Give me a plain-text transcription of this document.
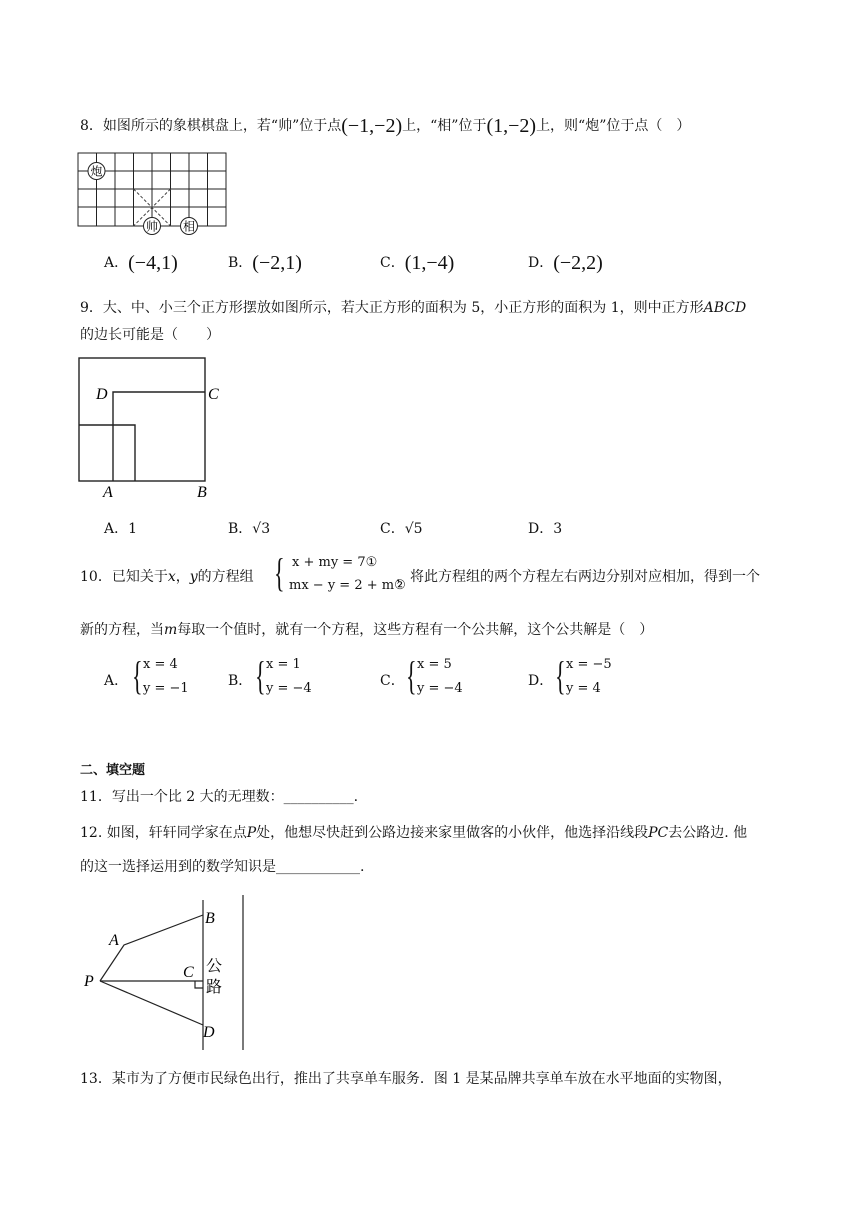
8．如图所示的象棋棋盘上，若“帅”位于点(−1,−2)上，“相”位于(1,−2)上，则“炮”位于点（　）
炮
帅 相
A．(−4,1)	B．(−2,1)	C．(1,−4)	D．(−2,2)
9．大、中、小三个正方形摆放如图所示，若大正方形的面积为 5，小正方形的面积为 1，则中正方形ABCD
的边长可能是（　　）
D	C
A	B
A．1	B．√3	C．√5	D．3
10．已知关于x，y的方程组 { x + my = 7①
mx − y = 2 + m②
，将此方程组的两个方程左右两边分别对应相加，得到一个
新的方程，当m每取一个值时，就有一个方程，这些方程有一个公共解，这个公共解是（　）
A． { x = 4
y = −1	B． { x = 1
y = −4	C． { x = 5
y = −4	D． { x = −5
y = 4
二、填空题
11．写出一个比 2 大的无理数：__________.
12. 如图，轩轩同学家在点P处，他想尽快赶到公路边接来家里做客的小伙伴，他选择沿线段PC去公路边. 他
的这一选择运用到的数学知识是____________.
B
A
C
P
D
公
路
13．某市为了方便市民绿色出行，推出了共享单车服务．图 1 是某品牌共享单车放在水平地面的实物图，
